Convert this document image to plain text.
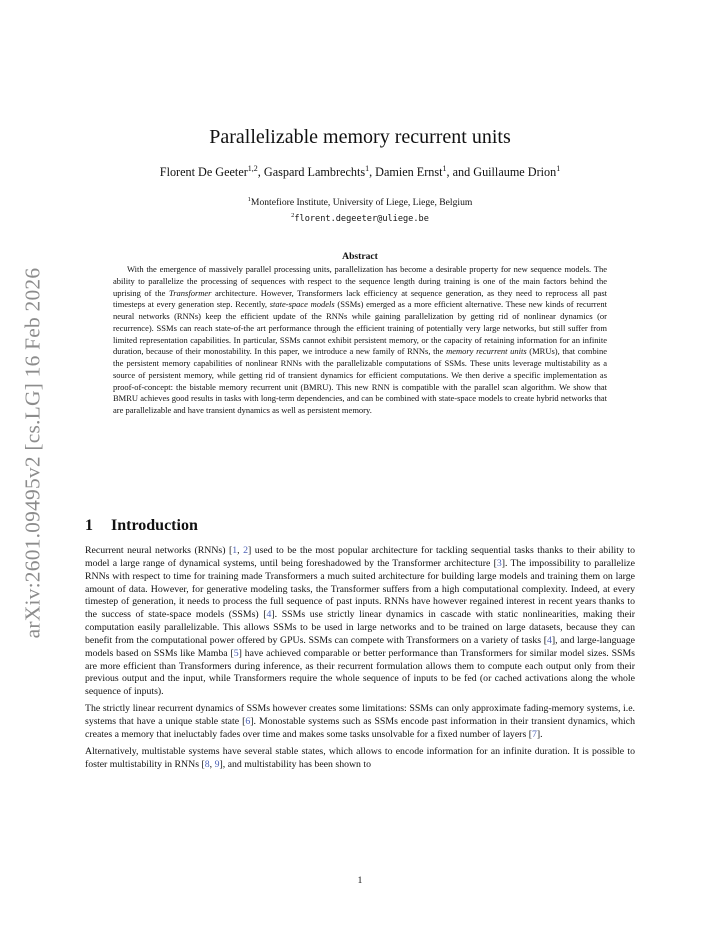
arXiv:2601.09495v2 [cs.LG] 16 Feb 2026
Parallelizable memory recurrent units
Florent De Geeter$^{1,2}$, Gaspard Lambrechts$^1$, Damien Ernst$^1$, and Guillaume Drion$^1$
$^1$Montefiore Institute, University of Liege, Liege, Belgium
$^2$florent.degeeter@uliege.be
Abstract

With the emergence of massively parallel processing units, parallelization has become a desirable property for new sequence models. The ability to parallelize the processing of sequences with respect to the sequence length during training is one of the main factors behind the uprising of the Transformer architecture. However, Transformers lack efficiency at sequence generation, as they need to reprocess all past timesteps at every generation step. Recently, state-space models (SSMs) emerged as a more efficient alternative. These new kinds of recurrent neural networks (RNNs) keep the efficient update of the RNNs while gaining parallelization by getting rid of nonlinear dynamics (or recurrence). SSMs can reach state-of-the art performance through the efficient training of potentially very large networks, but still suffer from limited representation capabilities. In particular, SSMs cannot exhibit persistent memory, or the capacity of retaining information for an infinite duration, because of their monostability. In this paper, we introduce a new family of RNNs, the memory recurrent units (MRUs), that combine the persistent memory capabilities of nonlinear RNNs with the parallelizable computations of SSMs. These units leverage multistability as a source of persistent memory, while getting rid of transient dynamics for efficient computations. We then derive a specific implementation as proof-of-concept: the bistable memory recurrent unit (BMRU). This new RNN is compatible with the parallel scan algorithm. We show that BMRU achieves good results in tasks with long-term dependencies, and can be combined with state-space models to create hybrid networks that are parallelizable and have transient dynamics as well as persistent memory.

1 Introduction

Recurrent neural networks (RNNs) [1, 2] used to be the most popular architecture for tackling sequential tasks thanks to their ability to model a large range of dynamical systems, until being foreshadowed by the Transformer architecture [3]. The impossibility to parallelize RNNs with respect to time for training made Transformers a much suited architecture for building large models and training them on large amount of data. However, for generative modeling tasks, the Transformer suffers from a high computational complexity. Indeed, at every timestep of generation, it needs to process the full sequence of past inputs. RNNs have however regained interest in recent years thanks to the success of state-space models (SSMs) [4]. SSMs use strictly linear dynamics in cascade with static nonlinearities, making their computation easily parallelizable. This allows SSMs to be used in large networks and to be trained on large datasets, because they can benefit from the computational power offered by GPUs. SSMs can compete with Transformers on a variety of tasks [4], and large-language models based on SSMs like Mamba [5] have achieved comparable or better performance than Transformers for similar model sizes. SSMs are more efficient than Transformers during inference, as their recurrent formulation allows them to compute each output only from their previous output and the input, while Transformers require the whole sequence of inputs to be fed (or cached activations along the whole sequence of inputs).

The strictly linear recurrent dynamics of SSMs however creates some limitations: SSMs can only approximate fading-memory systems, i.e. systems that have a unique stable state [6]. Monostable systems such as SSMs encode past information in their transient dynamics, which creates a memory that ineluctably fades over time and makes some tasks unsolvable for a fixed number of layers [7].

Alternatively, multistable systems have several stable states, which allows to encode information for an infinite duration. It is possible to foster multistability in RNNs [8, 9], and multistability has been shown to

1
